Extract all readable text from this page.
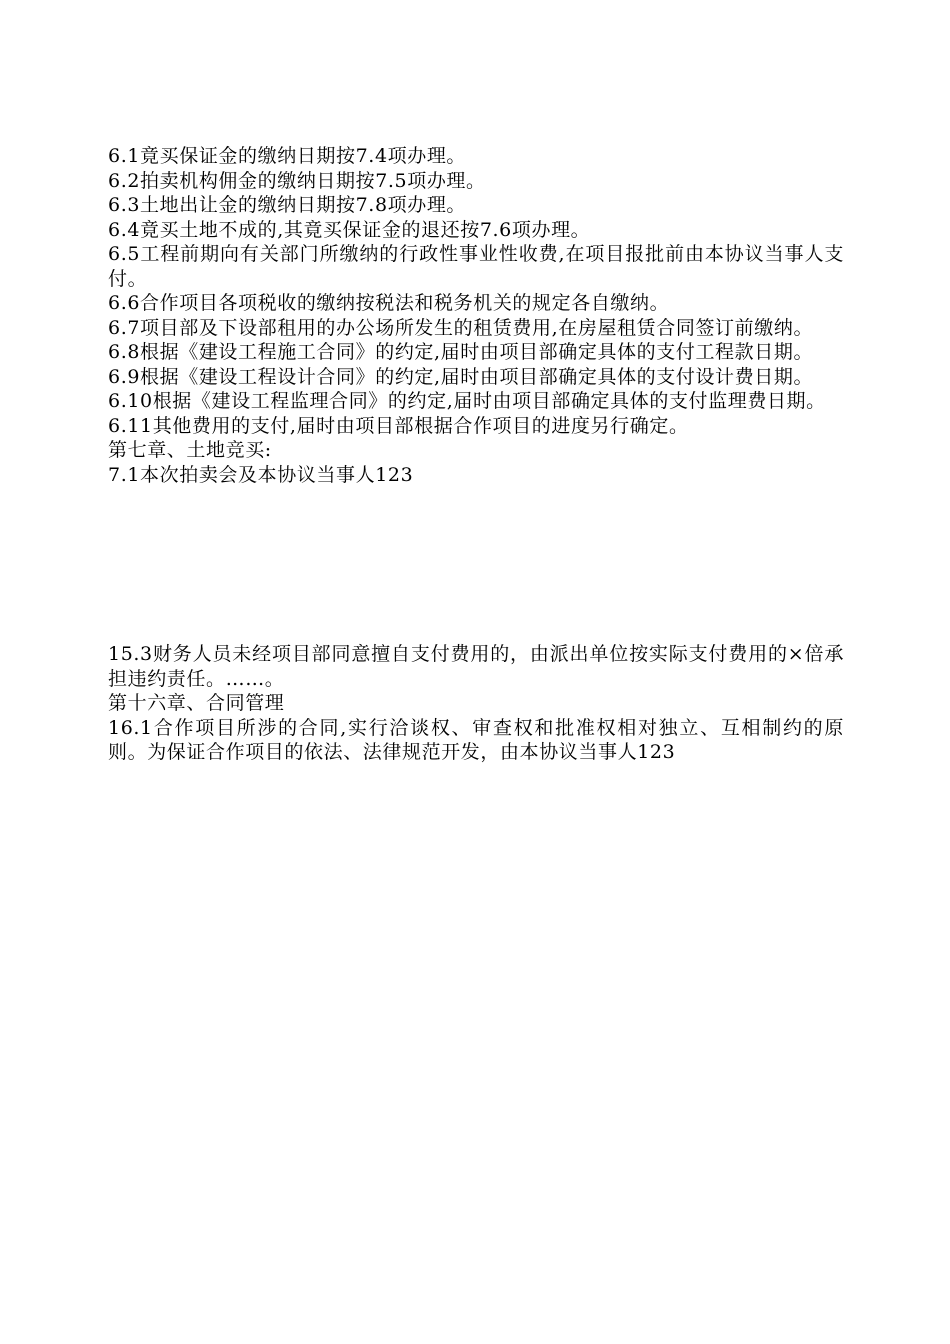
6.1竟买保证金的缴纳日期按7.4项办理。

6.2拍卖机构佣金的缴纳日期按7.5项办理。

6.3土地出让金的缴纳日期按7.8项办理。

6.4竟买土地不成的,其竟买保证金的退还按7.6项办理。

6.5工程前期向有关部门所缴纳的行政性事业性收费,在项目报批前由本协议当事人支付。

6.6合作项目各项税收的缴纳按税法和税务机关的规定各自缴纳。

6.7项目部及下设部租用的办公场所发生的租赁费用,在房屋租赁合同签订前缴纳。

6.8根据《建设工程施工合同》的约定,届时由项目部确定具体的支付工程款日期。

6.9根据《建设工程设计合同》的约定,届时由项目部确定具体的支付设计费日期。

6.10根据《建设工程监理合同》的约定,届时由项目部确定具体的支付监理费日期。

6.11其他费用的支付,届时由项目部根据合作项目的进度另行确定。

第七章、土地竞买:

7.1本次拍卖会及本协议当事人123

15.3财务人员未经项目部同意擅自支付费用的，由派出单位按实际支付费用的×倍承担违约责任。……。

第十六章、合同管理

16.1合作项目所涉的合同,实行洽谈权、审查权和批准权相对独立、互相制约的原则。为保证合作项目的依法、法律规范开发，由本协议当事人123
